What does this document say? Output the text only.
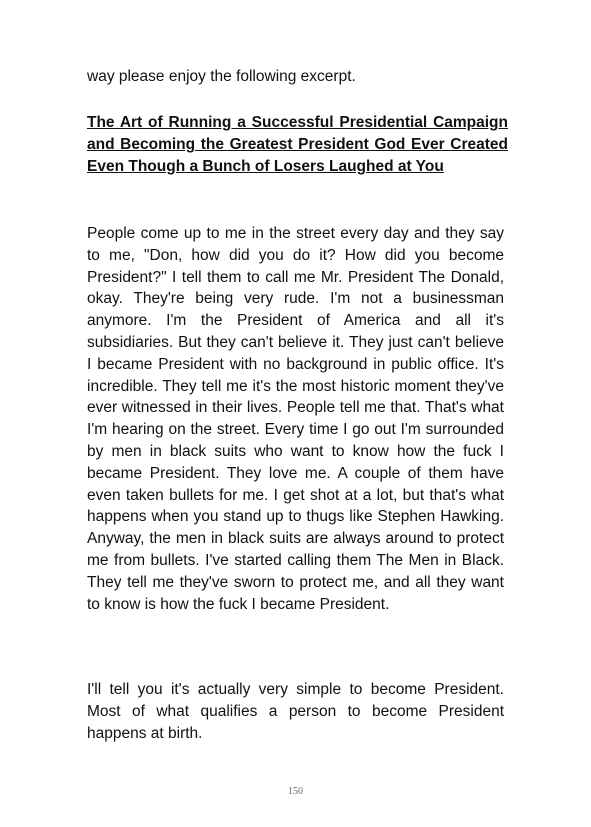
way please enjoy the following excerpt.

The Art of Running a Successful Presidential Campaign and Becoming the Greatest President God Ever Created Even Though a Bunch of Losers Laughed at You

People come up to me in the street every day and they say to me, "Don, how did you do it? How did you become President?" I tell them to call me Mr. President The Donald, okay. They're being very rude. I'm not a businessman anymore. I'm the President of America and all it's subsidiaries. But they can't believe it. They just can't believe I became President with no background in public office. It's incredible. They tell me it's the most historic moment they've ever witnessed in their lives. People tell me that. That's what I'm hearing on the street. Every time I go out I'm surrounded by men in black suits who want to know how the fuck I became President. They love me. A couple of them have even taken bullets for me. I get shot at a lot, but that's what happens when you stand up to thugs like Stephen Hawking. Anyway, the men in black suits are always around to protect me from bullets. I've started calling them The Men in Black. They tell me they've sworn to protect me, and all they want to know is how the fuck I became President.

I'll tell you it's actually very simple to become President. Most of what qualifies a person to become President happens at birth.

150
